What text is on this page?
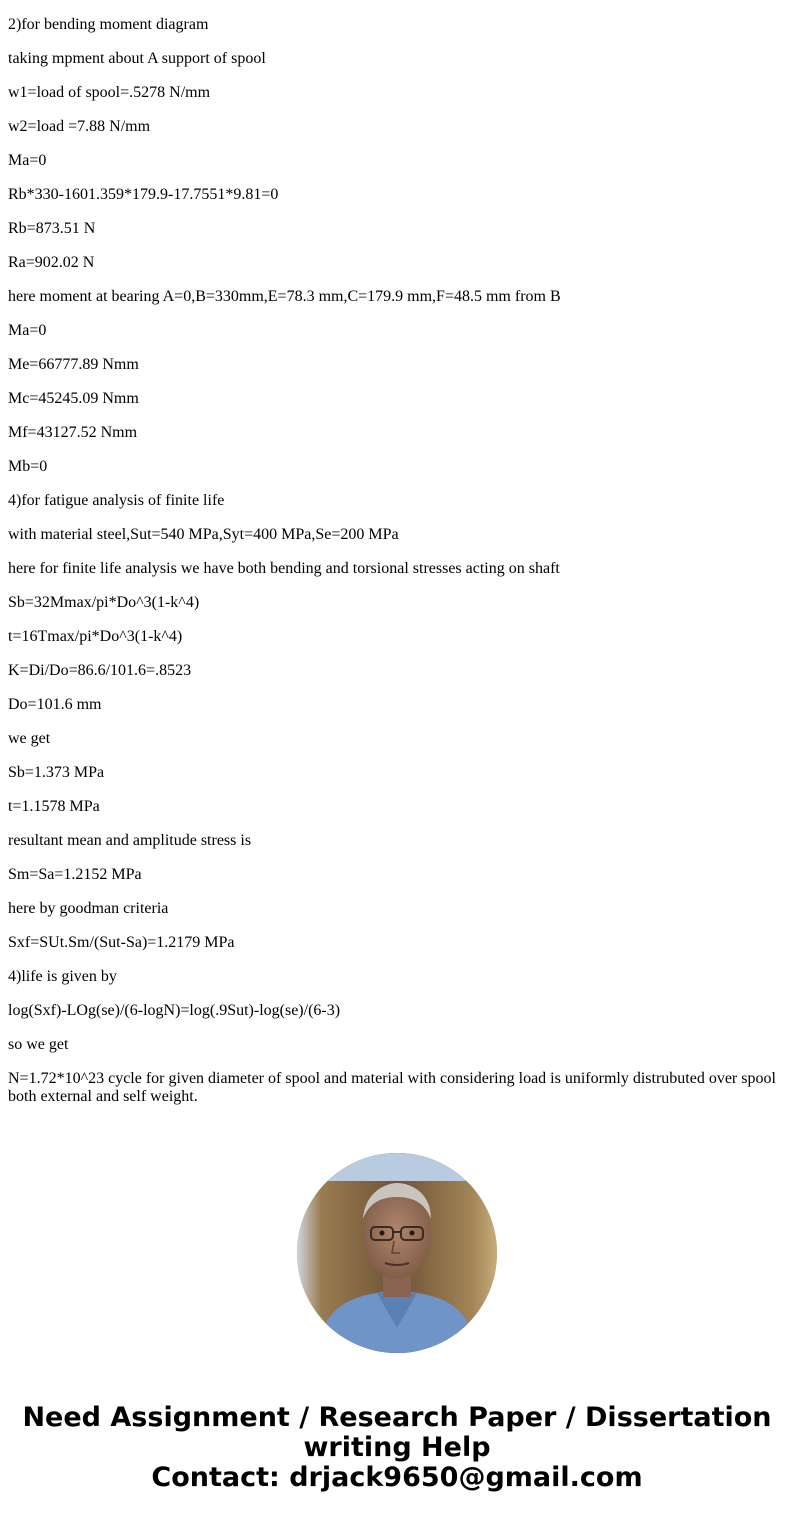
2)for bending moment diagram

taking mpment about A support of spool

w1=load of spool=.5278 N/mm

w2=load =7.88 N/mm

Ma=0

Rb*330-1601.359*179.9-17.7551*9.81=0

Rb=873.51 N

Ra=902.02 N

here moment at bearing A=0,B=330mm,E=78.3 mm,C=179.9 mm,F=48.5 mm from B

Ma=0

Me=66777.89 Nmm

Mc=45245.09 Nmm

Mf=43127.52 Nmm

Mb=0

4)for fatigue analysis of finite life

with material steel,Sut=540 MPa,Syt=400 MPa,Se=200 MPa

here for finite life analysis we have both bending and torsional stresses acting on shaft

Sb=32Mmax/pi*Do^3(1-k^4)

t=16Tmax/pi*Do^3(1-k^4)

K=Di/Do=86.6/101.6=.8523

Do=101.6 mm

we get

Sb=1.373 MPa

t=1.1578 MPa

resultant mean and amplitude stress is

Sm=Sa=1.2152 MPa

here by goodman criteria

Sxf=SUt.Sm/(Sut-Sa)=1.2179 MPa

4)life is given by

log(Sxf)-LOg(se)/(6-logN)=log(.9Sut)-log(se)/(6-3)

so we get

N=1.72*10^23 cycle for given diameter of spool and material with considering load is uniformly distrubuted over spool both external and self weight.

Need Assignment / Research Paper / Dissertation
writing Help
Contact: drjack9650@gmail.com
